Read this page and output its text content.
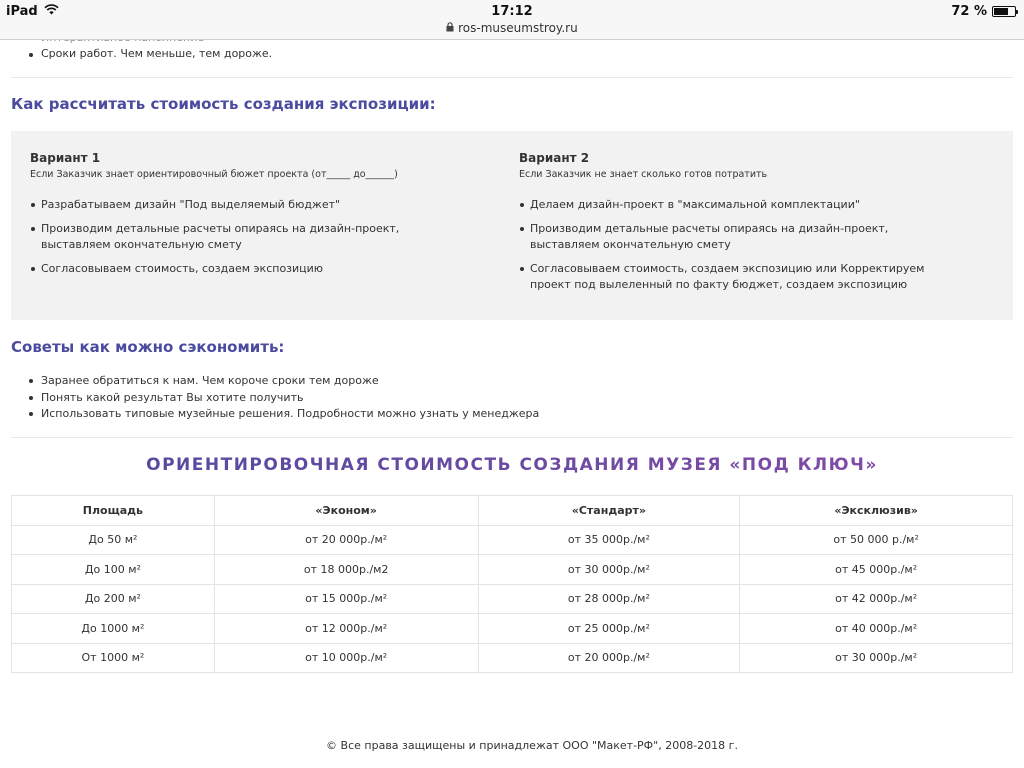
iPad	17:12
ros-museumstroy.ru
72 %
Сроки работ. Чем меньше, тем дороже.
Как рассчитать стоимость создания экспозиции:
Вариант 1
Если Заказчик знает ориентировочный бюжет проекта (от_____ до______)
Разрабатываем дизайн "Под выделяемый бюджет"
Производим детальные расчеты опираясь на дизайн-проект, выставляем окончательную смету
Согласовываем стоимость, создаем экспозицию
Вариант 2
Если Заказчик не знает сколько готов потратить
Делаем дизайн-проект в "максимальной комплектации"
Производим детальные расчеты опираясь на дизайн-проект, выставляем окончательную смету
Согласовываем стоимость, создаем экспозицию или Корректируем проект под вылеленный по факту бюджет, создаем экспозицию
Советы как можно сэкономить:
Заранее обратиться к нам. Чем короче сроки тем дороже
Понять какой результат Вы хотите получить
Использовать типовые музейные решения. Подробности можно узнать у менеджера
ОРИЕНТИРОВОЧНАЯ СТОИМОСТЬ СОЗДАНИЯ МУЗЕЯ «ПОД КЛЮЧ»
Площадь	«Эконом»	«Стандарт»	«Эксклюзив»
До 50 м²	от 20 000р./м²	от 35 000р./м²	от 50 000 р./м²
До 100 м²	от 18 000р./м2	от 30 000р./м²	от 45 000р./м²
До 200 м²	от 15 000р./м²	от 28 000р./м²	от 42 000р./м²
До 1000 м²	от 12 000р./м²	от 25 000р./м²	от 40 000р./м²
От 1000 м²	от 10 000р./м²	от 20 000р./м²	от 30 000р./м²
© Все права защищены и принадлежат ООО "Макет-РФ", 2008-2018 г.
